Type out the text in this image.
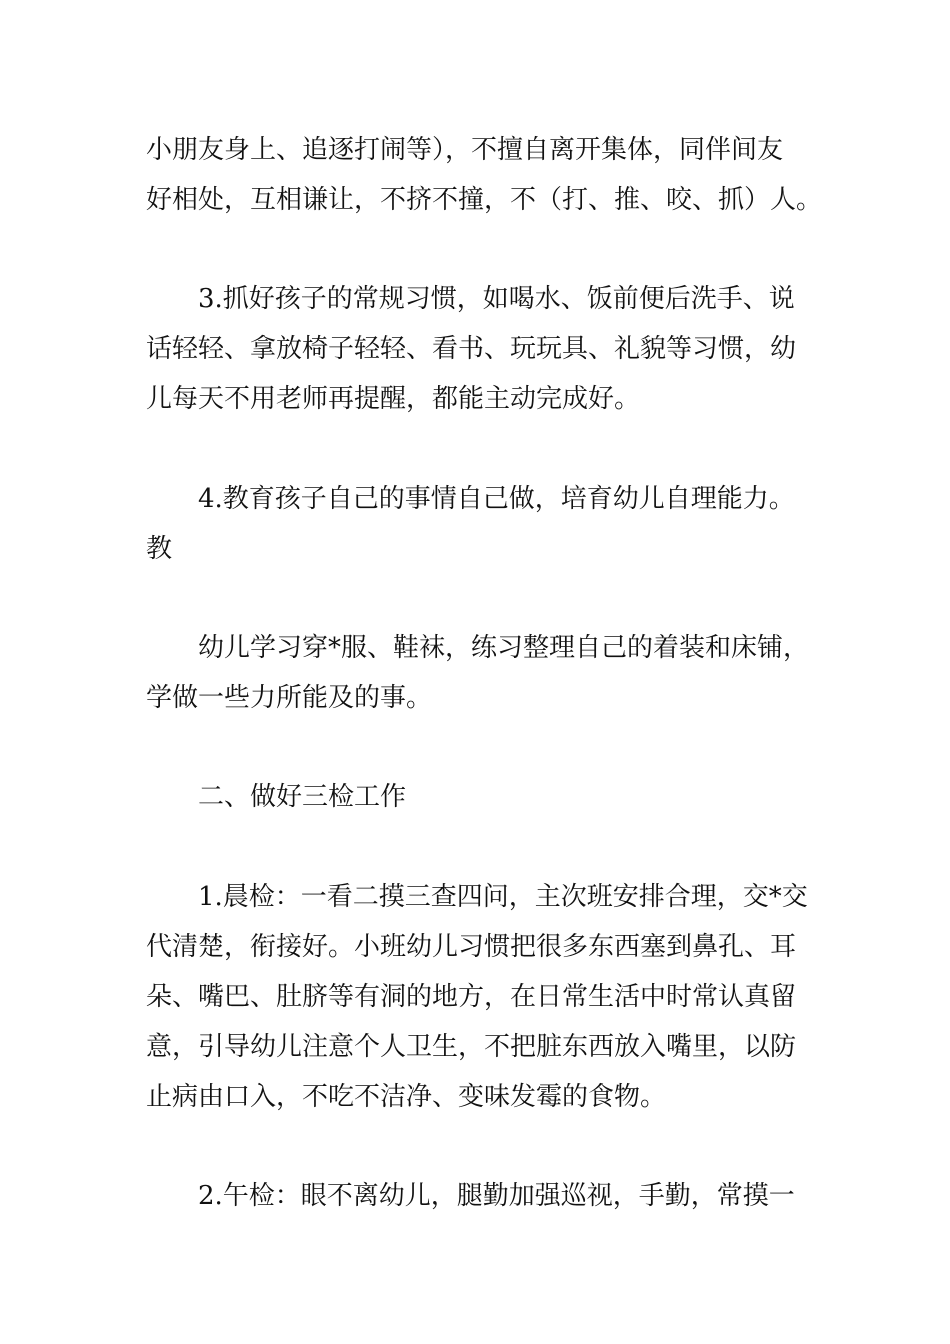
小朋友身上、追逐打闹等），不擅自离开集体，同伴间友
好相处，互相谦让，不挤不撞，不（打、推、咬、抓）人。
3.抓好孩子的常规习惯，如喝水、饭前便后洗手、说
话轻轻、拿放椅子轻轻、看书、玩玩具、礼貌等习惯，幼
儿每天不用老师再提醒，都能主动完成好。
4.教育孩子自己的事情自己做，培育幼儿自理能力。
教
幼儿学习穿*服、鞋袜，练习整理自己的着装和床铺，
学做一些力所能及的事。
二、做好三检工作
1.晨检：一看二摸三查四问，主次班安排合理，交*交
代清楚，衔接好。小班幼儿习惯把很多东西塞到鼻孔、耳
朵、嘴巴、肚脐等有洞的地方，在日常生活中时常认真留
意，引导幼儿注意个人卫生，不把脏东西放入嘴里，以防
止病由口入，不吃不洁净、变味发霉的食物。
2.午检：眼不离幼儿，腿勤加强巡视，手勤，常摸一
